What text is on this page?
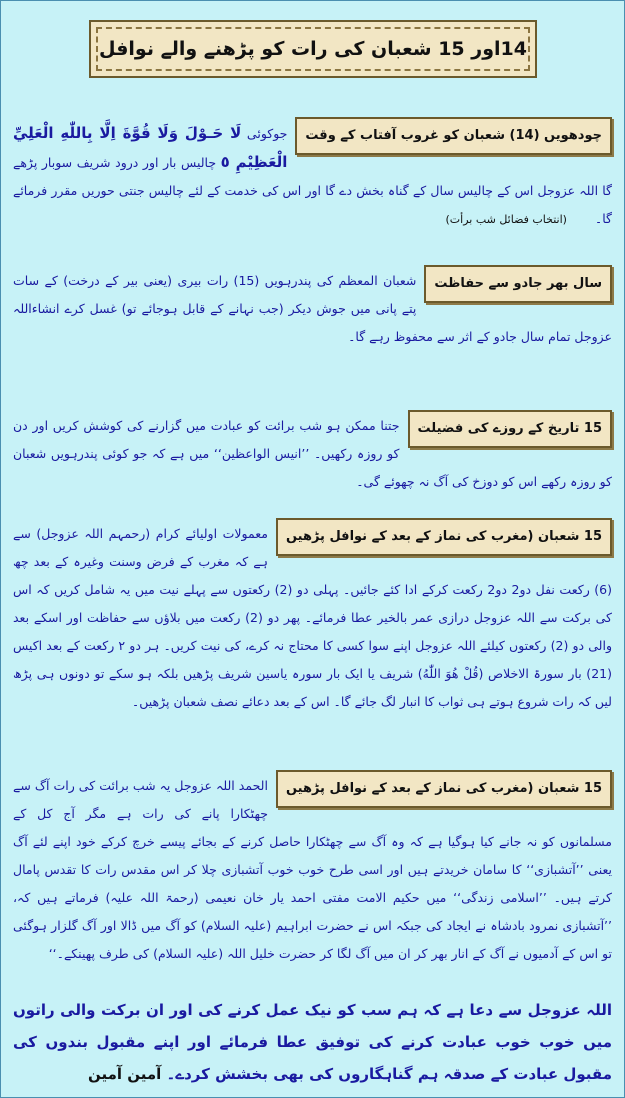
14اور 15 شعبان کی رات کو پڑھنے والے نوافل
چودھویں (14) شعبان کو غروب آفتاب کے وقت

جوکوئی لَا حَـوْلَ وَلَا قُوَّةَ اِلَّا بِاللّٰهِ الْعَلِيِّ الْعَظِيْمِ ٥ چالیس بار اور درود شریف سوبار پڑھے گا اللہ عزوجل اس کے چالیس سال کے گناہ بخش دے گا اور اس کی خدمت کے لئے چالیس جنتی حوریں مقرر فرمائے گا۔ (انتخاب فضائل شب برأت)

سال بھر جادو سے حفاظت

شعبان المعظم کی پندرہویں (15) رات بیری (یعنی بیر کے درخت) کے سات پتے پانی میں جوش دیکر (جب نہانے کے قابل ہوجائے تو) غسل کرے انشاءاللہ عزوجل تمام سال جادو کے اثر سے محفوظ رہے گا۔

15 تاریخ کے روزے کی فضیلت

جتنا ممکن ہو شب برائت کو عبادت میں گزارنے کی کوشش کریں اور دن کو روزہ رکھیں۔ ’’انیس الواعظین‘‘ میں ہے کہ جو کوئی پندرہویں شعبان کو روزہ رکھے اس کو دوزخ کی آگ نہ چھوئے گی۔

15 شعبان (مغرب کی نماز کے بعد کے نوافل پڑھیں

معمولات اولیائے کرام (رحمہم اللہ عزوجل) سے ہے کہ مغرب کے فرض وسنت وغیرہ کے بعد چھ (6) رکعت نفل دو2 دو2 رکعت کرکے ادا کئے جائیں۔ پہلی دو (2) رکعتوں سے پہلے نیت میں یہ شامل کریں کہ اس کی برکت سے اللہ عزوجل درازی عمر بالخیر عطا فرمائے۔ پھر دو (2) رکعت میں بلاؤں سے حفاظت اور اسکے بعد والی دو (2) رکعتوں کیلئے اللہ عزوجل اپنے سوا کسی کا محتاج نہ کرے، کی نیت کریں۔ ہر دو ۲ رکعت کے بعد اکیس (21) بار سورۃ الاخلاص (قُلْ هُوَ اللّٰهُ) شریف یا ایک بار سورہ یاسین شریف پڑھیں بلکہ ہو سکے تو دونوں ہی پڑھ لیں کہ رات شروع ہوتے ہی ثواب کا انبار لگ جائے گا۔ اس کے بعد دعائے نصف شعبان پڑھیں۔

15 شعبان (مغرب کی نماز کے بعد کے نوافل پڑھیں

الحمد اللہ عزوجل یہ شب برائت کی رات آگ سے چھٹکارا پانے کی رات ہے مگر آج کل کے مسلمانوں کو نہ جانے کیا ہوگیا ہے کہ وہ آگ سے چھٹکارا حاصل کرنے کے بجائے پیسے خرچ کرکے خود اپنے لئے آگ یعنی ’’آتشبازی‘‘ کا سامان خریدتے ہیں اور اسی طرح خوب خوب آتشبازی چلا کر اس مقدس رات کا تقدس پامال کرتے ہیں۔ ’’اسلامی زندگی‘‘ میں حکیم الامت مفتی احمد یار خان نعیمی (رحمۃ اللہ علیہ) فرماتے ہیں کہ، ’’آتشبازی نمرود بادشاہ نے ایجاد کی جبکہ اس نے حضرت ابراہیم (علیہ السلام) کو آگ میں ڈالا اور آگ گلزار ہوگئی تو اس کے آدمیوں نے آگ کے انار بھر کر ان میں آگ لگا کر حضرت خلیل اللہ (علیہ السلام) کی طرف پھینکے۔‘‘

اللہ عزوجل سے دعا ہے کہ ہم سب کو نیک عمل کرنے کی اور ان برکت والی راتوں میں خوب خوب عبادت کرنے کی توفیق عطا فرمائے اور اپنے مقبول بندوں کی مقبول عبادت کے صدقہ ہم گناہگاروں کی بھی بخشش کردے۔ آمین آمین
